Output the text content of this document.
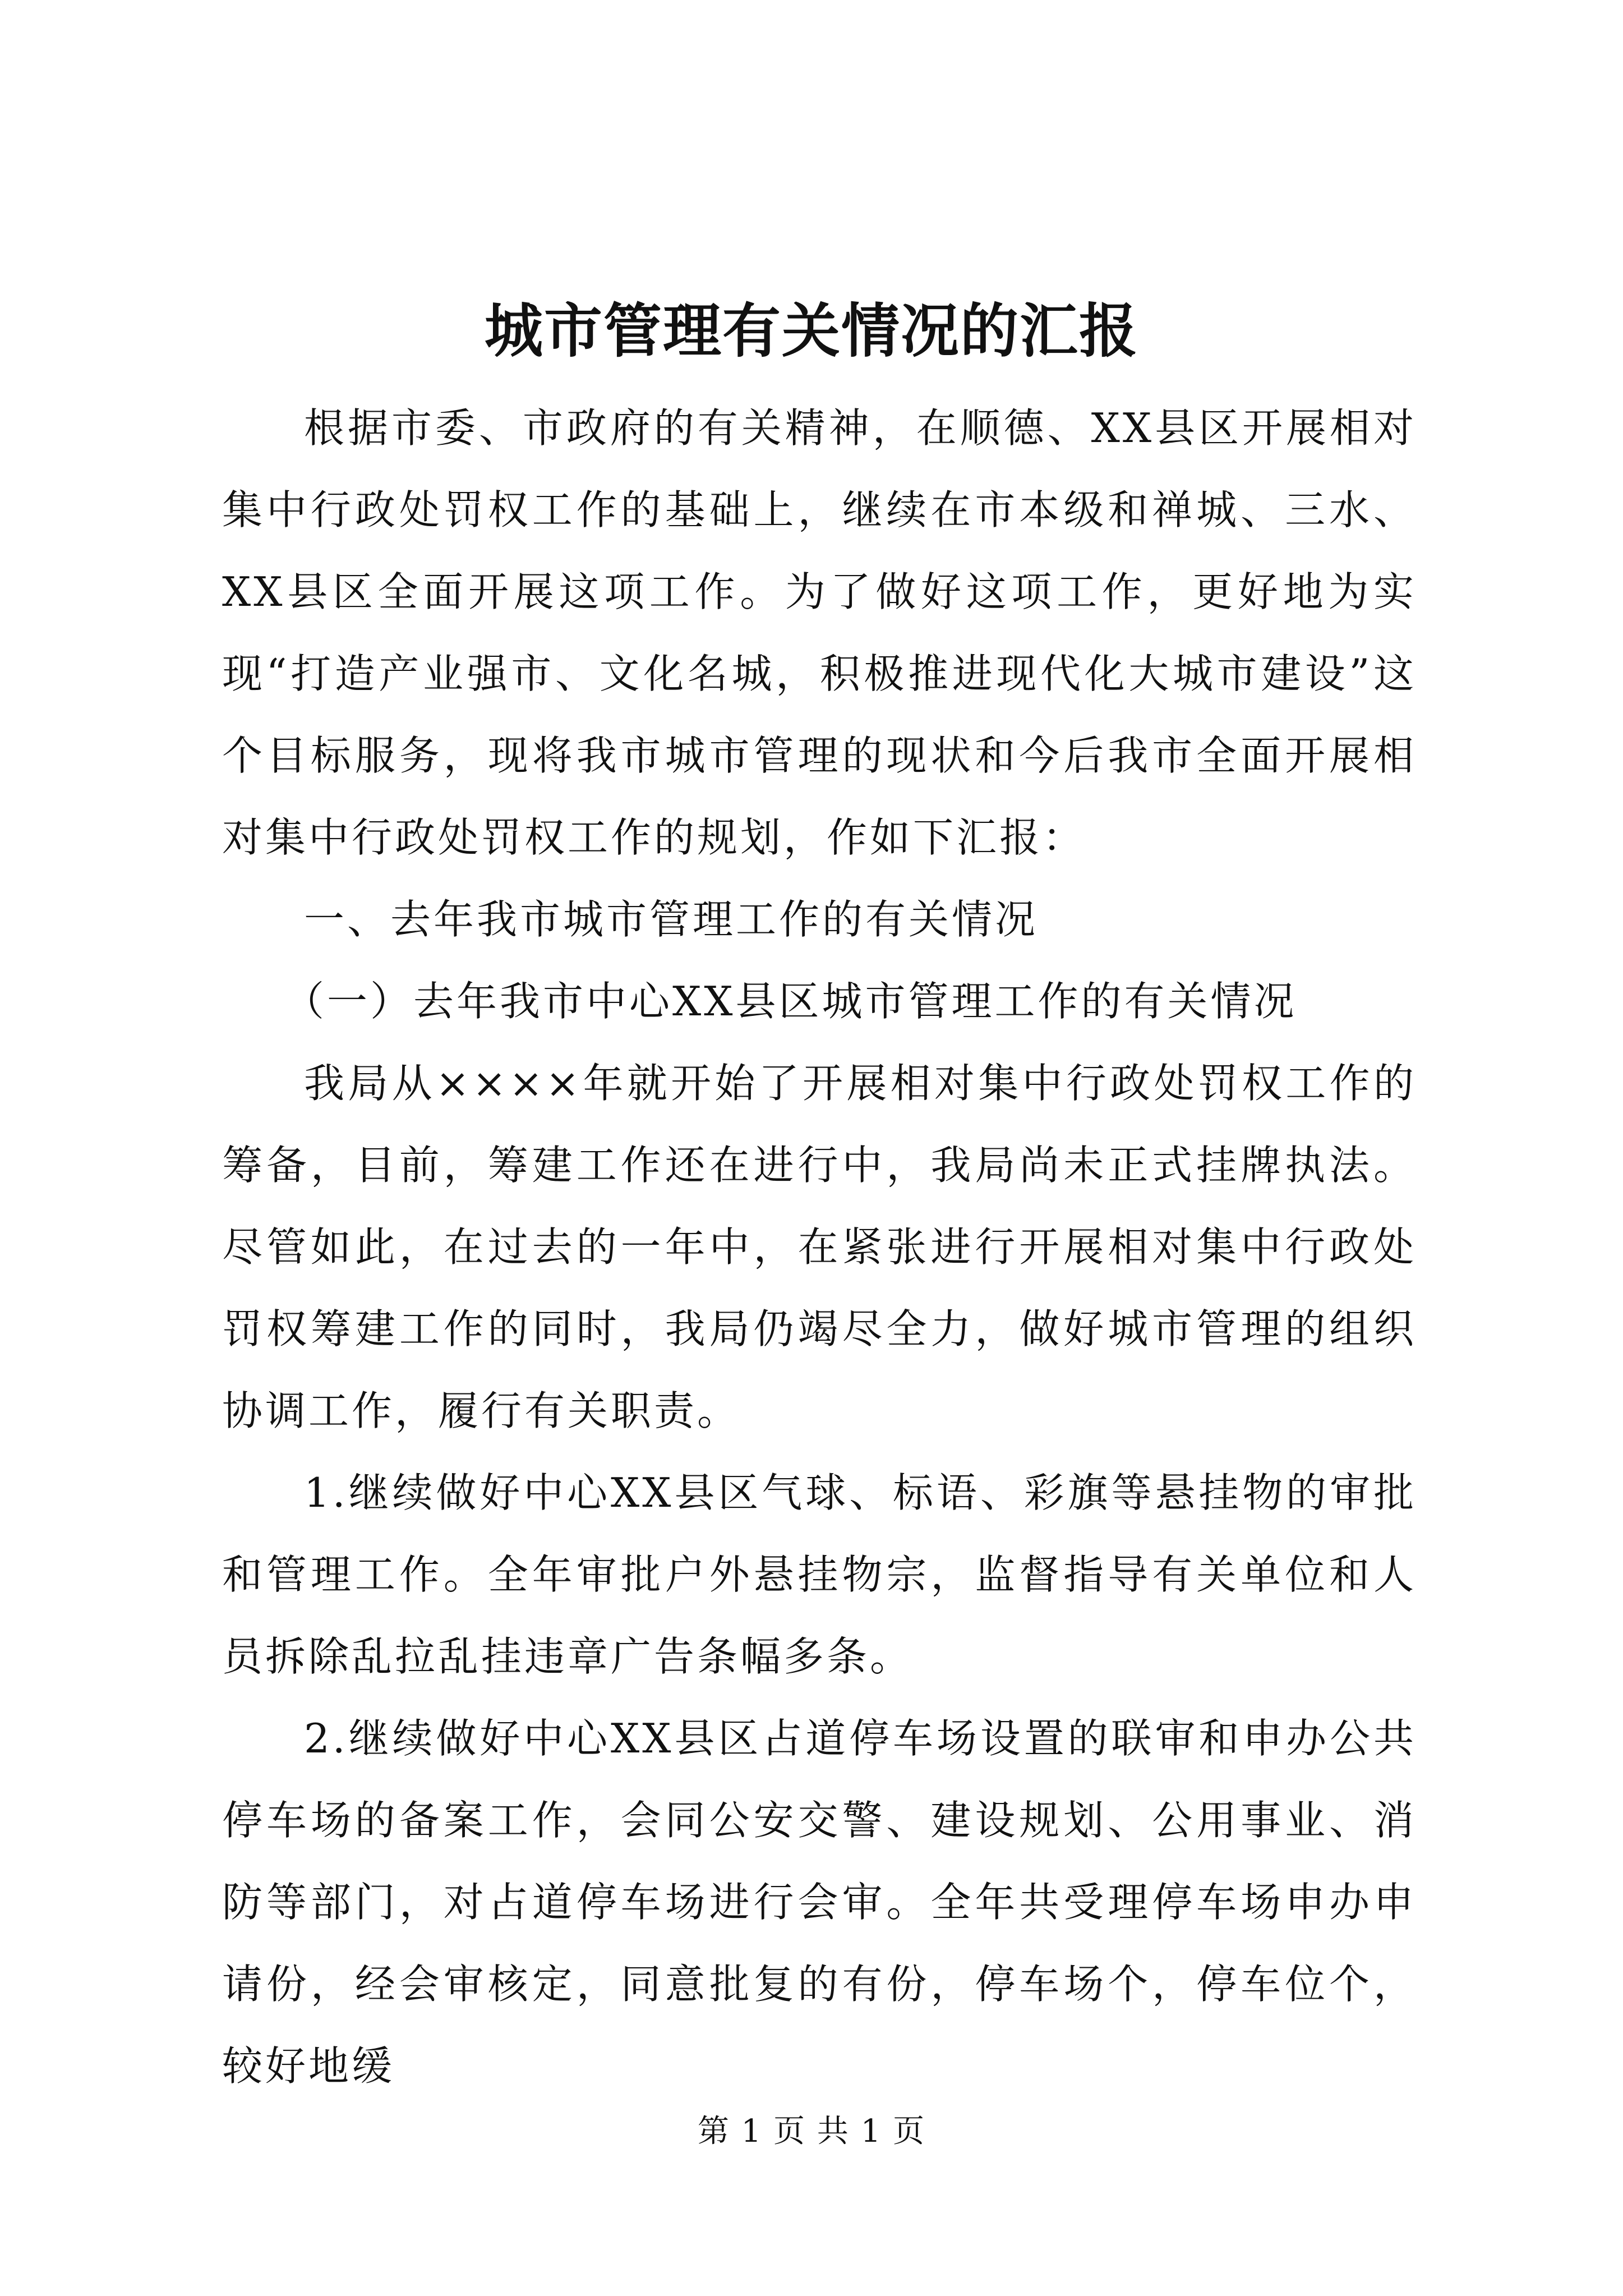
城市管理有关情况的汇报

根据市委、市政府的有关精神，在顺德、XX县区开展相对集中行政处罚权工作的基础上，继续在市本级和禅城、三水、XX县区全面开展这项工作。为了做好这项工作，更好地为实现“打造产业强市、文化名城，积极推进现代化大城市建设”这个目标服务，现将我市城市管理的现状和今后我市全面开展相对集中行政处罚权工作的规划，作如下汇报：

一、去年我市城市管理工作的有关情况

（一）去年我市中心XX县区城市管理工作的有关情况

我局从××××年就开始了开展相对集中行政处罚权工作的筹备，目前，筹建工作还在进行中，我局尚未正式挂牌执法。尽管如此，在过去的一年中，在紧张进行开展相对集中行政处罚权筹建工作的同时，我局仍竭尽全力，做好城市管理的组织协调工作，履行有关职责。

1.继续做好中心XX县区气球、标语、彩旗等悬挂物的审批和管理工作。全年审批户外悬挂物宗，监督指导有关单位和人员拆除乱拉乱挂违章广告条幅多条。

2.继续做好中心XX县区占道停车场设置的联审和申办公共停车场的备案工作，会同公安交警、建设规划、公用事业、消防等部门，对占道停车场进行会审。全年共受理停车场申办申请份，经会审核定，同意批复的有份，停车场个，停车位个，较好地缓

第 1 页 共 1 页
